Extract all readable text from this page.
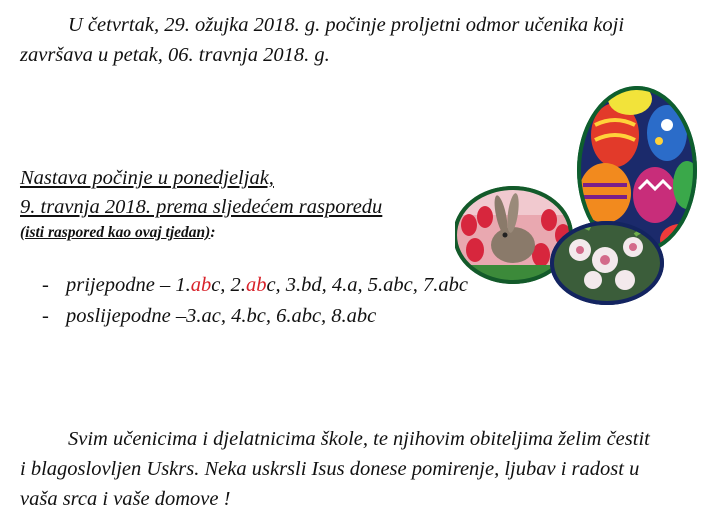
U četvrtak, 29. ožujka 2018. g. počinje proljetni odmor učenika koji
završava u petak, 06. travnja 2018. g.

Nastava počinje u ponedjeljak,
9. travnja 2018. prema sljedećem rasporedu
(isti raspored kao ovaj tjedan):
- prijepodne – 1.abc, 2.abc, 3.bd, 4.a, 5.abc, 7.abc
- poslijepodne –3.ac, 4.bc, 6.abc, 8.abc

Svim učenicima i djelatnicima škole, te njihovim obiteljima želim čestit
i blagoslovljen Uskrs. Neka uskrsli Isus donese pomirenje, ljubav i radost u
vaša srca i vaše domove !
